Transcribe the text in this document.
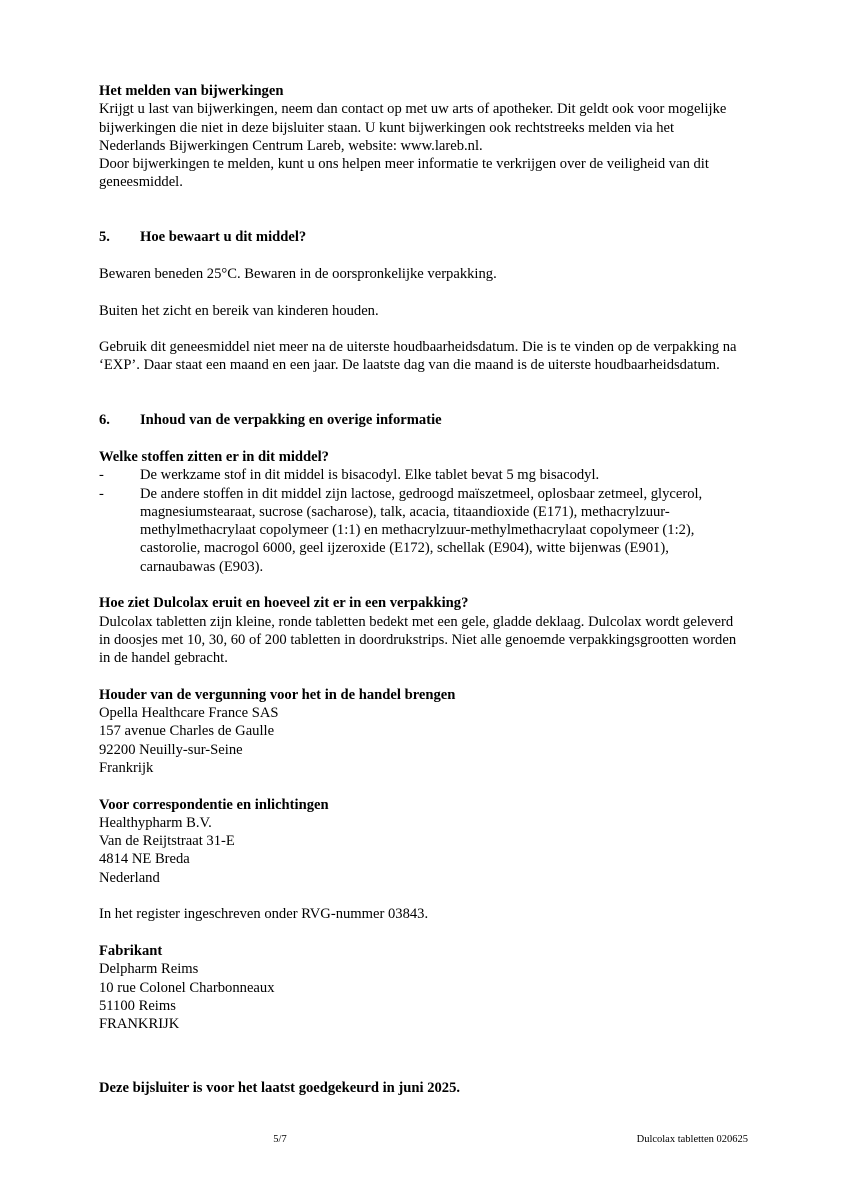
Het melden van bijwerkingen

Krijgt u last van bijwerkingen, neem dan contact op met uw arts of apotheker. Dit geldt ook voor mogelijke bijwerkingen die niet in deze bijsluiter staan. U kunt bijwerkingen ook rechtstreeks melden via het Nederlands Bijwerkingen Centrum Lareb, website: www.lareb.nl.

Door bijwerkingen te melden, kunt u ons helpen meer informatie te verkrijgen over de veiligheid van dit geneesmiddel.

5. Hoe bewaart u dit middel?

Bewaren beneden 25°C. Bewaren in de oorspronkelijke verpakking.

Buiten het zicht en bereik van kinderen houden.

Gebruik dit geneesmiddel niet meer na de uiterste houdbaarheidsdatum. Die is te vinden op de verpakking na ‘EXP’. Daar staat een maand en een jaar. De laatste dag van die maand is de uiterste houdbaarheidsdatum.

6. Inhoud van de verpakking en overige informatie

Welke stoffen zitten er in dit middel?

- De werkzame stof in dit middel is bisacodyl. Elke tablet bevat 5 mg bisacodyl.

- De andere stoffen in dit middel zijn lactose, gedroogd maïszetmeel, oplosbaar zetmeel, glycerol, magnesiumstearaat, sucrose (sacharose), talk, acacia, titaandioxide (E171), methacrylzuur-methylmethacrylaat copolymeer (1:1) en methacrylzuur-methylmethacrylaat copolymeer (1:2), castorolie, macrogol 6000, geel ijzeroxide (E172), schellak (E904), witte bijenwas (E901), carnaubawas (E903).

Hoe ziet Dulcolax eruit en hoeveel zit er in een verpakking?

Dulcolax tabletten zijn kleine, ronde tabletten bedekt met een gele, gladde deklaag. Dulcolax wordt geleverd in doosjes met 10, 30, 60 of 200 tabletten in doordrukstrips. Niet alle genoemde verpakkingsgrootten worden in de handel gebracht.

Houder van de vergunning voor het in de handel brengen

Opella Healthcare France SAS

157 avenue Charles de Gaulle

92200 Neuilly-sur-Seine

Frankrijk

Voor correspondentie en inlichtingen

Healthypharm B.V.

Van de Reijtstraat 31-E

4814 NE Breda

Nederland

In het register ingeschreven onder RVG-nummer 03843.

Fabrikant

Delpharm Reims

10 rue Colonel Charbonneaux

51100 Reims

FRANKRIJK

Deze bijsluiter is voor het laatst goedgekeurd in juni 2025.

5/7	Dulcolax tabletten 020625
